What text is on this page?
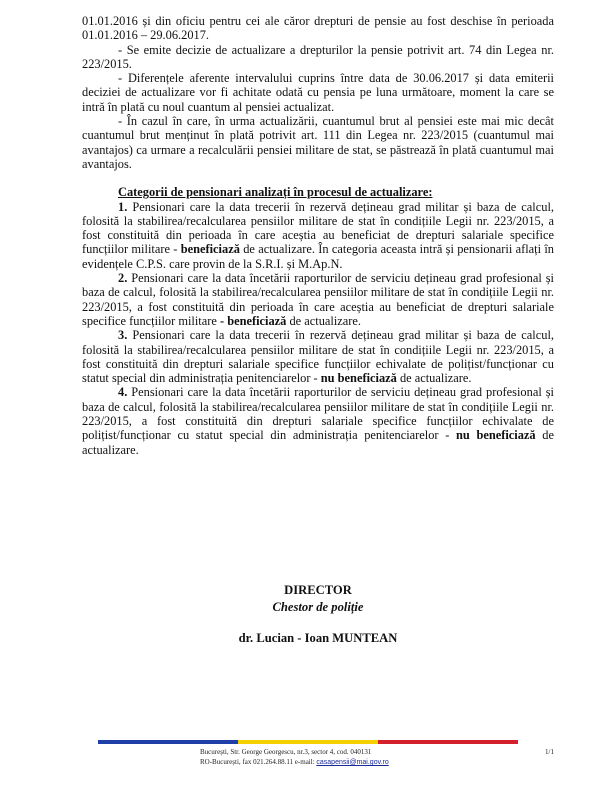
01.01.2016 și din oficiu pentru cei ale căror drepturi de pensie au fost deschise în perioada 01.01.2016 – 29.06.2017.

- Se emite decizie de actualizare a drepturilor la pensie potrivit art. 74 din Legea nr. 223/2015.

- Diferențele aferente intervalului cuprins între data de 30.06.2017 și data emiterii deciziei de actualizare vor fi achitate odată cu pensia pe luna următoare, moment la care se intră în plată cu noul cuantum al pensiei actualizat.

- În cazul în care, în urma actualizării, cuantumul brut al pensiei este mai mic decât cuantumul brut menținut în plată potrivit art. 111 din Legea nr. 223/2015 (cuantumul mai avantajos) ca urmare a recalculării pensiei militare de stat, se păstrează în plată cuantumul mai avantajos.

Categorii de pensionari analizați în procesul de actualizare:

1. Pensionari care la data trecerii în rezervă dețineau grad militar și baza de calcul, folosită la stabilirea/recalcularea pensiilor militare de stat în condițiile Legii nr. 223/2015, a fost constituită din perioada în care aceștia au beneficiat de drepturi salariale specifice funcțiilor militare - beneficiază de actualizare. În categoria aceasta intră și pensionarii aflați în evidențele C.P.S. care provin de la S.R.I. și M.Ap.N.

2. Pensionari care la data încetării raporturilor de serviciu dețineau grad profesional și baza de calcul, folosită la stabilirea/recalcularea pensiilor militare de stat în condițiile Legii nr. 223/2015, a fost constituită din perioada în care aceștia au beneficiat de drepturi salariale specifice funcțiilor militare - beneficiază de actualizare.

3. Pensionari care la data trecerii în rezervă dețineau grad militar și baza de calcul, folosită la stabilirea/recalcularea pensiilor militare de stat în condițiile Legii nr. 223/2015, a fost constituită din drepturi salariale specifice funcțiilor echivalate de polițist/funcționar cu statut special din administrația penitenciarelor - nu beneficiază de actualizare.

4. Pensionari care la data încetării raporturilor de serviciu dețineau grad profesional și baza de calcul, folosită la stabilirea/recalcularea pensiilor militare de stat în condițiile Legii nr. 223/2015, a fost constituită din drepturi salariale specifice funcțiilor echivalate de polițist/funcționar cu statut special din administrația penitenciarelor - nu beneficiază de actualizare.

DIRECTOR
Chestor de poliție
dr. Lucian - Ioan MUNTEAN
București, Str. George Georgescu, nr.3, sector 4, cod. 040131
RO-București, fax 021.264.88.11 e-mail: casapensii@mai.gov.ro
1/1
